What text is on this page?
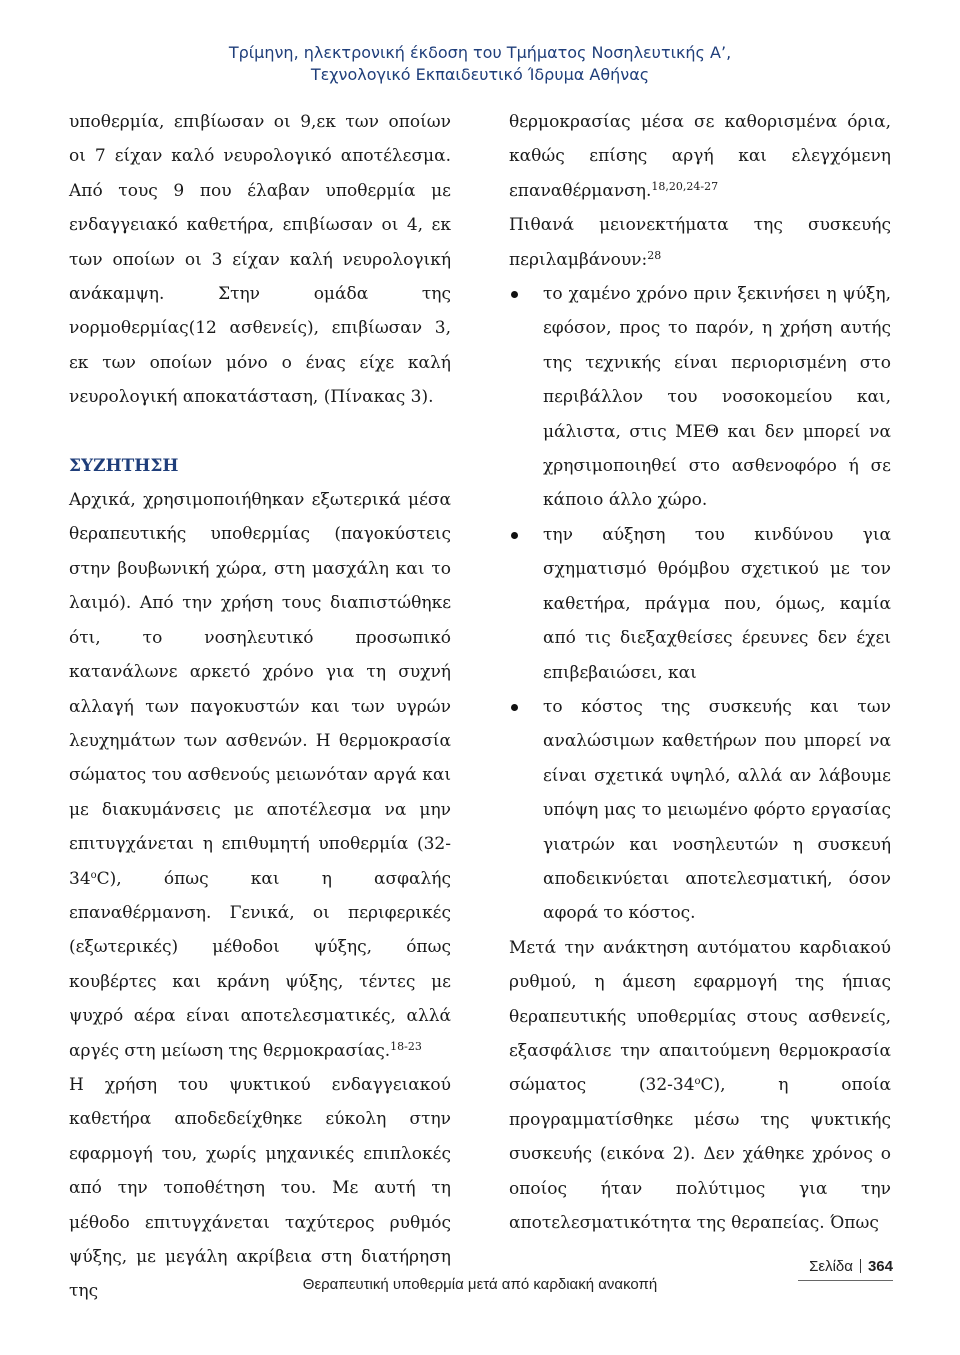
Τρίμηνη, ηλεκτρονική έκδοση του Τμήματος Νοσηλευτικής Α’,
Τεχνολογικό Εκπαιδευτικό Ίδρυμα Αθήνας

υποθερμία, επιβίωσαν οι 9,εκ των οποίων οι 7 είχαν καλό νευρολογικό αποτέλεσμα. Από τους 9 που έλαβαν υποθερμία με ενδαγγειακό καθετήρα, επιβίωσαν οι 4, εκ των οποίων οι 3 είχαν καλή νευρολογική ανάκαμψη. Στην ομάδα της νορμοθερμίας(12 ασθενείς), επιβίωσαν 3, εκ των οποίων μόνο ο ένας είχε καλή νευρολογική αποκατάσταση, (Πίνακας 3).

ΣΥΖΗΤΗΣΗ

Αρχικά, χρησιμοποιήθηκαν εξωτερικά μέσα θεραπευτικής υποθερμίας (παγοκύστεις στην βουβωνική χώρα, στη μασχάλη και το λαιμό). Από την χρήση τους διαπιστώθηκε ότι, το νοσηλευτικό προσωπικό κατανάλωνε αρκετό χρόνο για τη συχνή αλλαγή των παγοκυστών και των υγρών λευχημάτων των ασθενών. Η θερμοκρασία σώματος του ασθενούς μειωνόταν αργά και με διακυμάνσεις με αποτέλεσμα να μην επιτυγχάνεται η επιθυμητή υποθερμία $(32-34^oC)$, όπως και η ασφαλής επαναθέρμανση. Γενικά, οι περιφερικές (εξωτερικές) μέθοδοι ψύξης, όπως κουβέρτες και κράνη ψύξης, τέντες με ψυχρό αέρα είναι αποτελεσματικές, αλλά αργές στη μείωση της θερμοκρασίας.$^{18-23}$

Η χρήση του ψυκτικού ενδαγγειακού καθετήρα αποδεδείχθηκε εύκολη στην εφαρμογή του, χωρίς μηχανικές επιπλοκές από την τοποθέτηση του. Με αυτή τη μέθοδο επιτυγχάνεται ταχύτερος ρυθμός ψύξης, με μεγάλη ακρίβεια στη διατήρηση της

θερμοκρασίας μέσα σε καθορισμένα όρια, καθώς επίσης αργή και ελεγχόμενη επαναθέρμανση.$^{18,20,24-27}$

Πιθανά μειονεκτήματα της συσκευής περιλαμβάνουν:$^{28}$

το χαμένο χρόνο πριν ξεκινήσει η ψύξη, εφόσον, προς το παρόν, η χρήση αυτής της τεχνικής είναι περιορισμένη στο περιβάλλον του νοσοκομείου και, μάλιστα, στις ΜΕΘ και δεν μπορεί να χρησιμοποιηθεί στο ασθενοφόρο ή σε κάποιο άλλο χώρο.
την αύξηση του κινδύνου για σχηματισμό θρόμβου σχετικού με τον καθετήρα, πράγμα που, όμως, καμία από τις διεξαχθείσες έρευνες δεν έχει επιβεβαιώσει, και
το κόστος της συσκευής και των αναλώσιμων καθετήρων που μπορεί να είναι σχετικά υψηλό, αλλά αν λάβουμε υπόψη μας το μειωμένο φόρτο εργασίας γιατρών και νοσηλευτών η συσκευή αποδεικνύεται αποτελεσματική, όσον αφορά το κόστος.

Μετά την ανάκτηση αυτόματου καρδιακού ρυθμού, η άμεση εφαρμογή της ήπιας θεραπευτικής υποθερμίας στους ασθενείς, εξασφάλισε την απαιτούμενη θερμοκρασία σώματος $(32-34^oC)$, η οποία προγραμματίσθηκε μέσω της ψυκτικής συσκευής (εικόνα 2). Δεν χάθηκε χρόνος ο οποίος ήταν πολύτιμος για την αποτελεσματικότητα της θεραπείας. Όπως

Σελίδα 364
Θεραπευτική υποθερμία μετά από καρδιακή ανακοπή
